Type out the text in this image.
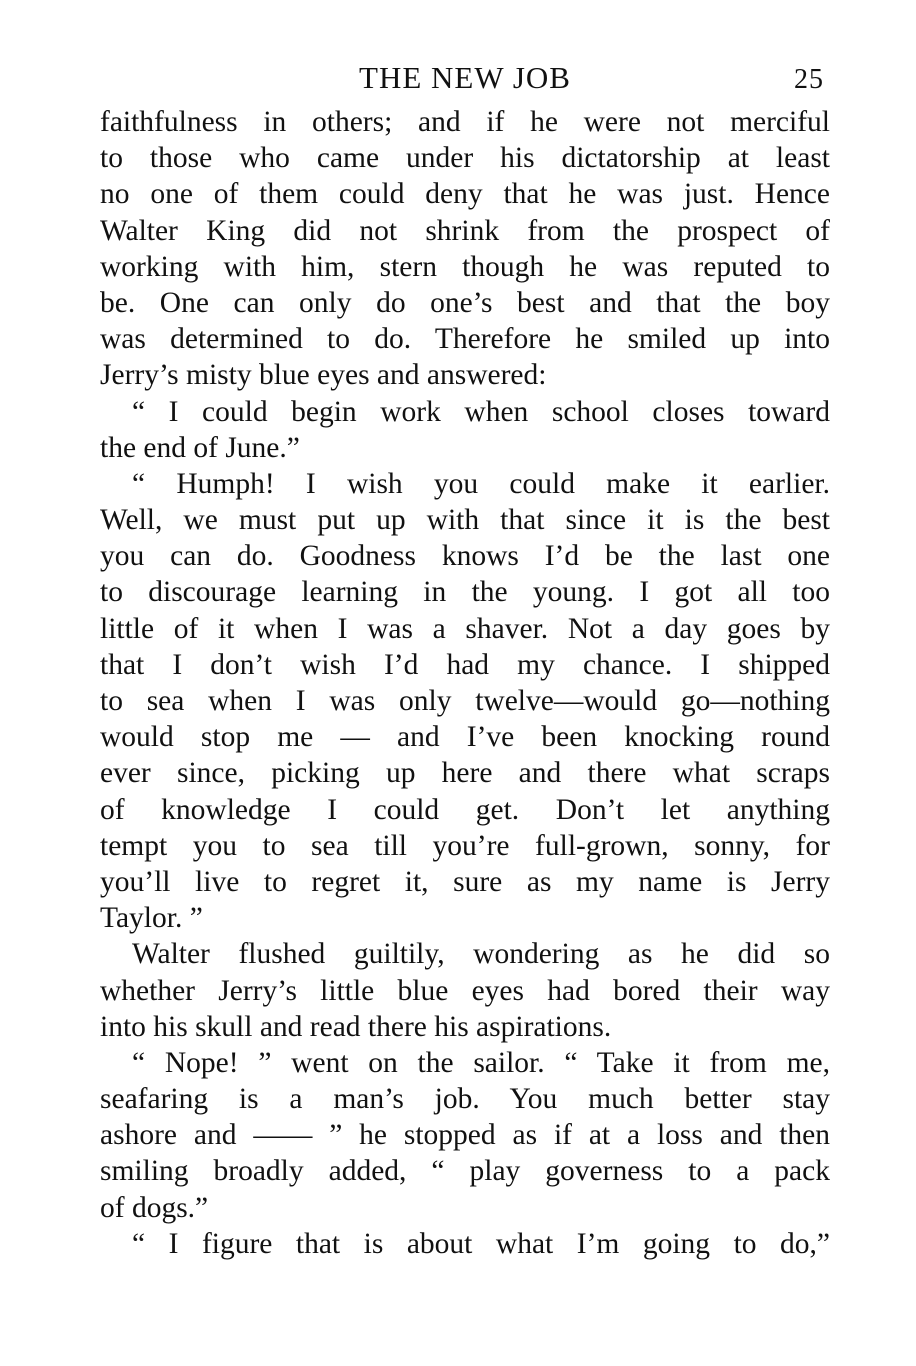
THE NEW JOB	25
faithfulness in others; and if he were not merciful
to those who came under his dictatorship at least
no one of them could deny that he was just. Hence
Walter King did not shrink from the prospect of
working with him, stern though he was reputed to
be. One can only do one’s best and that the boy
was determined to do. Therefore he smiled up into
Jerry’s misty blue eyes and answered:
“ I could begin work when school closes toward
the end of June.”
“ Humph! I wish you could make it earlier.
Well, we must put up with that since it is the best
you can do. Goodness knows I’d be the last one
to discourage learning in the young. I got all too
little of it when I was a shaver. Not a day goes by
that I don’t wish I’d had my chance. I shipped
to sea when I was only twelve—would go—nothing
would stop me — and I’ve been knocking round
ever since, picking up here and there what scraps
of knowledge I could get. Don’t let anything
tempt you to sea till you’re full-grown, sonny, for
you’ll live to regret it, sure as my name is Jerry
Taylor. ”
Walter flushed guiltily, wondering as he did so
whether Jerry’s little blue eyes had bored their way
into his skull and read there his aspirations.
“ Nope! ” went on the sailor. “ Take it from me,
seafaring is a man’s job. You much better stay
ashore and —— ” he stopped as if at a loss and then
smiling broadly added, “ play governess to a pack
of dogs.”
“ I figure that is about what I’m going to do,”
